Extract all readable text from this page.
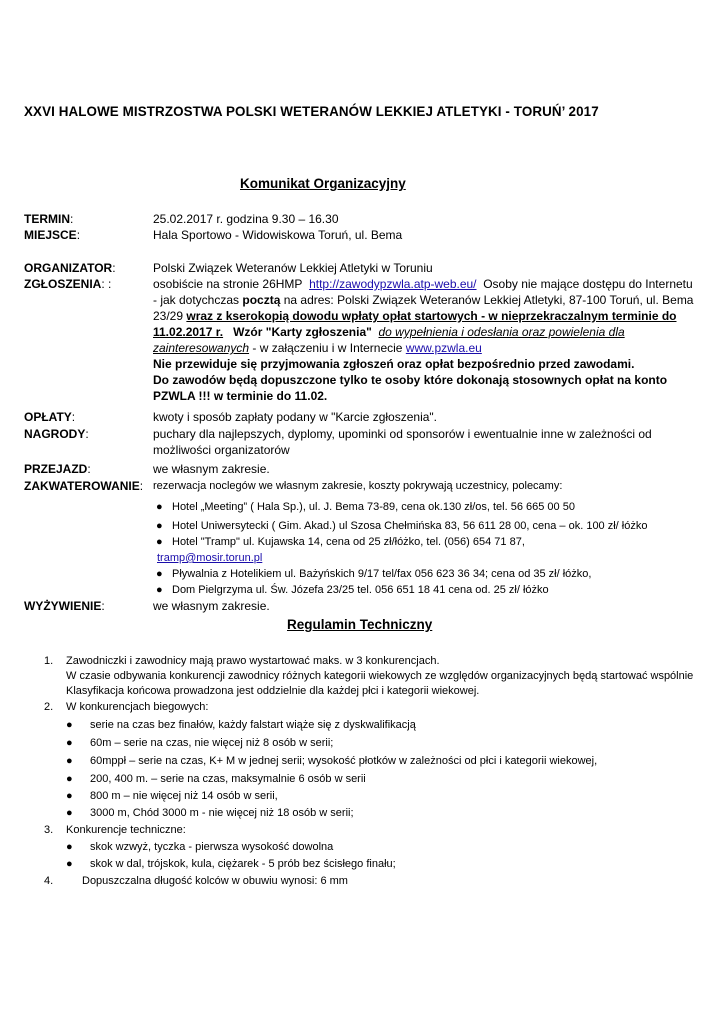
XXVI HALOWE MISTRZOSTWA POLSKI WETERANÓW LEKKIEJ ATLETYKI - TORUŃ’ 2017
Komunikat Organizacyjny
TERMIN:	25.02.2017 r. godzina 9.30 – 16.30
MIEJSCE:	Hala Sportowo - Widowiskowa Toruń, ul. Bema
ORGANIZATOR:	Polski Związek Weteranów Lekkiej Atletyki w Toruniu
ZGŁOSZENIA: :	osobiście na stronie 26HMP http://zawodypzwla.atp-web.eu/ Osoby nie mające dostępu do Internetu
- jak dotychczas pocztą na adres: Polski Związek Weteranów Lekkiej Atletyki, 87-100 Toruń, ul. Bema
23/29 wraz z kserokopią dowodu wpłaty opłat startowych - w nieprzekraczalnym terminie do
11.02.2017 r. Wzór "Karty zgłoszenia" do wypełnienia i odesłania oraz powielenia dla
zainteresowanych - w załączeniu i w Internecie www.pzwla.eu
Nie przewiduje się przyjmowania zgłoszeń oraz opłat bezpośrednio przed zawodami.
Do zawodów będą dopuszczone tylko te osoby które dokonają stosownych opłat na konto
PZWLA !!! w terminie do 11.02.
OPŁATY:	kwoty i sposób zapłaty podany w "Karcie zgłoszenia".
NAGRODY:	puchary dla najlepszych, dyplomy, upominki od sponsorów i ewentualnie inne w zależności od
możliwości organizatorów
PRZEJAZD:	we własnym zakresie.
ZAKWATEROWANIE: rezerwacja noclegów we własnym zakresie, koszty pokrywają uczestnicy, polecamy:
● Hotel „Meeting” ( Hala Sp.), ul. J. Bema 73-89, cena ok.130 zł/os, tel. 56 665 00 50
● Hotel Uniwersytecki ( Gim. Akad.) ul Szosa Chełmińska 83, 56 611 28 00, cena – ok. 100 zł/ łóżko
● Hotel "Tramp" ul. Kujawska 14, cena od 25 zł/łóżko, tel. (056) 654 71 87,
tramp@mosir.torun.pl
● Pływalnia z Hotelikiem ul. Bażyńskich 9/17 tel/fax 056 623 36 34; cena od 35 zł/ łóżko,
● Dom Pielgrzyma ul. Św. Józefa 23/25 tel. 056 651 18 41 cena od. 25 zł/ łóżko
WYŻYWIENIE:	we własnym zakresie.
Regulamin Techniczny
1. Zawodniczki i zawodnicy mają prawo wystartować maks. w 3 konkurencjach.
W czasie odbywania konkurencji zawodnicy różnych kategorii wiekowych ze względów organizacyjnych będą startować wspólnie
Klasyfikacja końcowa prowadzona jest oddzielnie dla każdej płci i kategorii wiekowej.
2. W konkurencjach biegowych:
● serie na czas bez finałów, każdy falstart wiąże się z dyskwalifikacją
● 60m – serie na czas, nie więcej niż 8 osób w serii;
● 60mppł – serie na czas, K+ M w jednej serii; wysokość płotków w zależności od płci i kategorii wiekowej,
● 200, 400 m. – serie na czas, maksymalnie 6 osób w serii
● 800 m – nie więcej niż 14 osób w serii,
● 3000 m, Chód 3000 m - nie więcej niż 18 osób w serii;
3. Konkurencje techniczne:
● skok wzwyż, tyczka - pierwsza wysokość dowolna
● skok w dal, trójskok, kula, ciężarek - 5 prób bez ścisłego finału;
4.	Dopuszczalna długość kolców w obuwiu wynosi: 6 mm
